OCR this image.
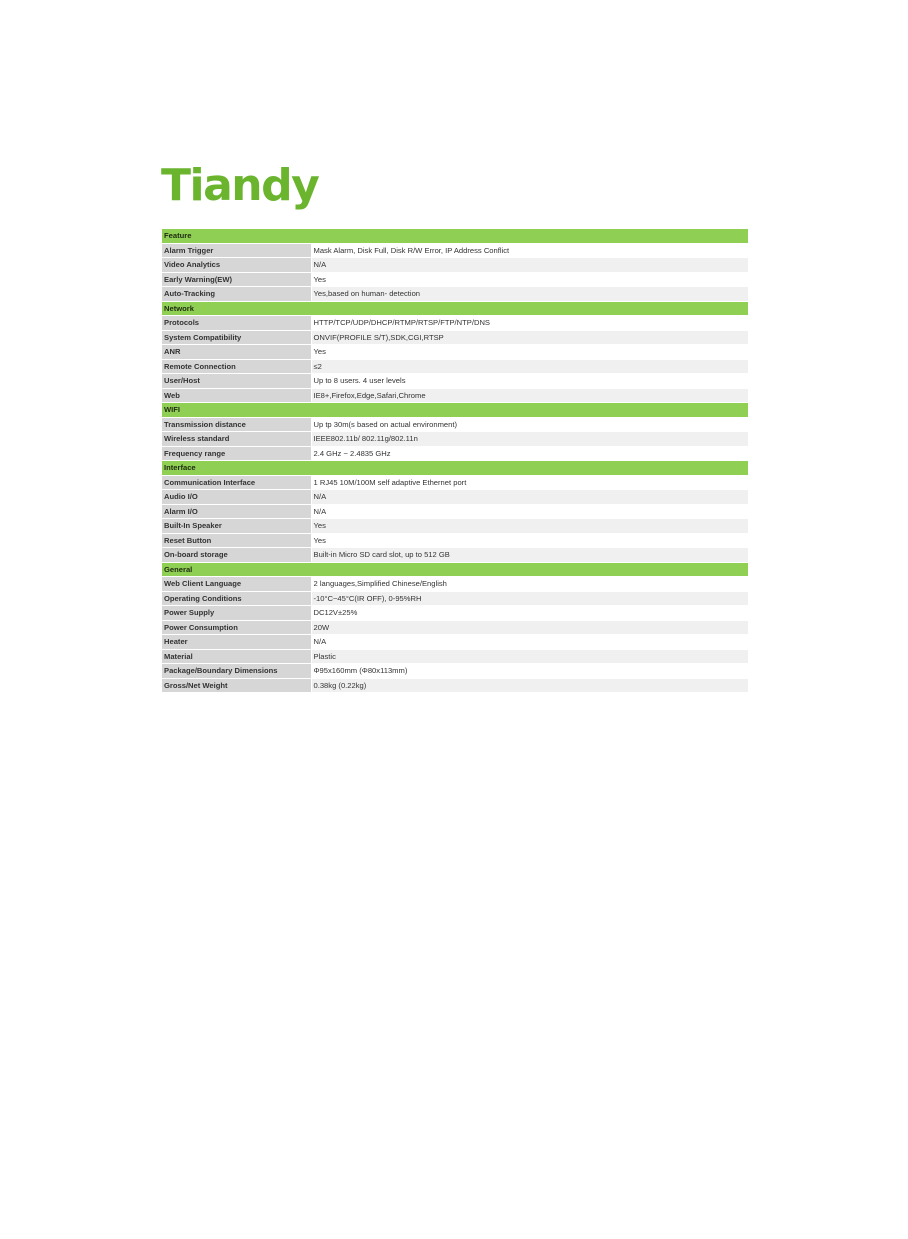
Tiandy
Feature	
Alarm Trigger	Mask Alarm, Disk Full, Disk R/W Error, IP Address Conflict
Video Analytics	N/A
Early Warning(EW)	Yes
Auto-Tracking	Yes,based on human- detection
Network	
Protocols	HTTP/TCP/UDP/DHCP/RTMP/RTSP/FTP/NTP/DNS
System Compatibility	ONVIF(PROFILE S/T),SDK,CGI,RTSP
ANR	Yes
Remote Connection	≤2
User/Host	Up to 8 users. 4 user levels
Web	IE8+,Firefox,Edge,Safari,Chrome
WIFI	
Transmission distance	Up tp 30m(s based on actual environment)
Wireless standard	IEEE802.11b/ 802.11g/802.11n
Frequency range	2.4 GHz ~ 2.4835 GHz
Interface	
Communication Interface	1 RJ45 10M/100M self adaptive Ethernet port
Audio I/O	N/A
Alarm I/O	N/A
Built-In Speaker	Yes
Reset Button	Yes
On-board storage	Built-in Micro SD card slot, up to 512 GB
General	
Web Client Language	2 languages,Simplified Chinese/English
Operating Conditions	-10°C~45°C(IR OFF), 0-95%RH
Power Supply	DC12V±25%
Power Consumption	20W
Heater	N/A
Material	Plastic
Package/Boundary Dimensions	Φ95x160mm (Φ80x113mm)
Gross/Net Weight	0.38kg (0.22kg)
